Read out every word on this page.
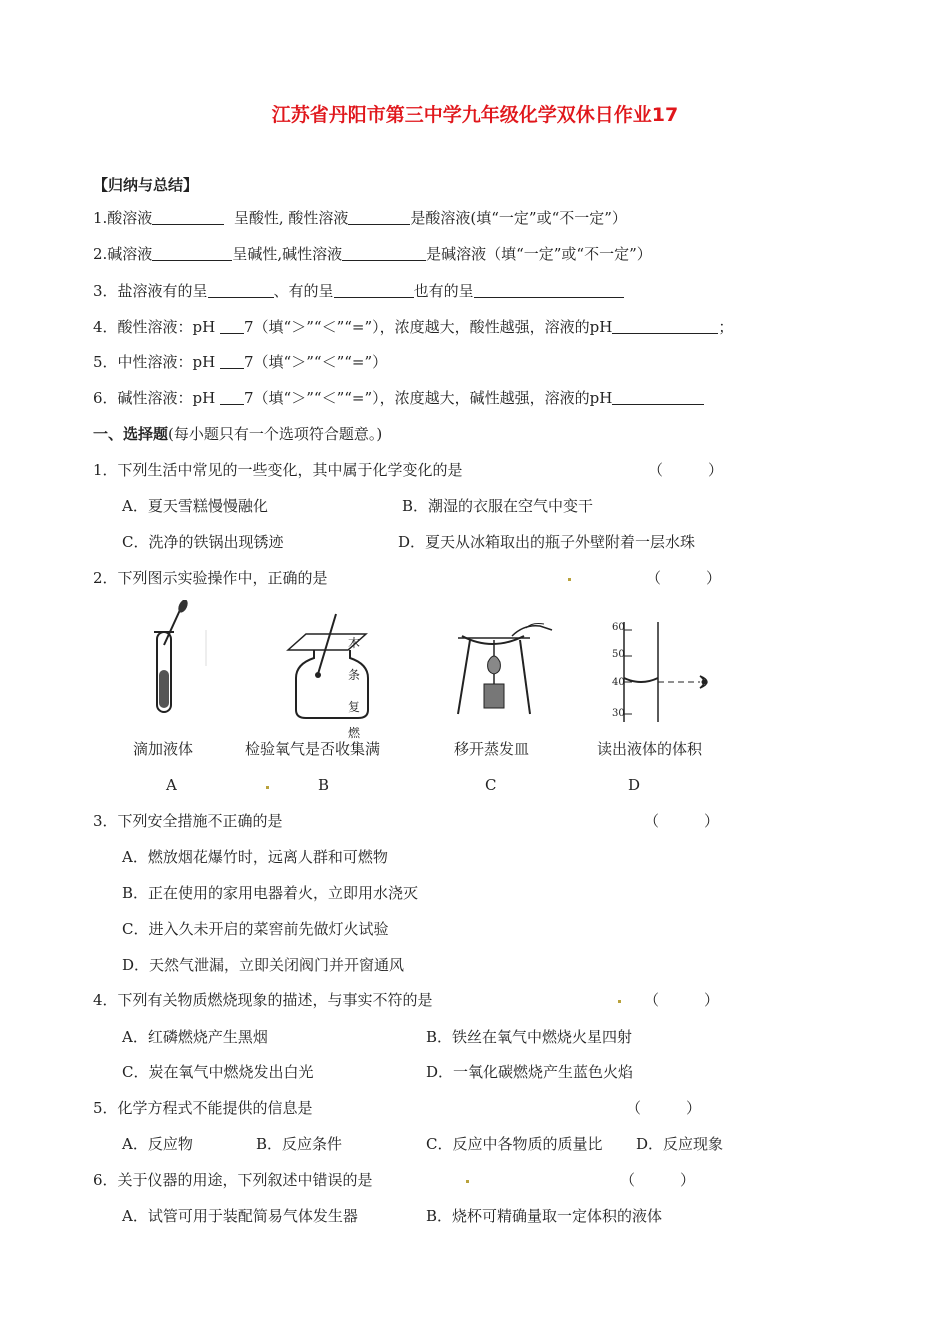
江苏省丹阳市第三中学九年级化学双休日作业17
【归纳与总结】
1.酸溶液	呈酸性, 酸性溶液	是酸溶液(填“一定”或“不一定”）
2.碱溶液	呈碱性,碱性溶液	是碱溶液（填“一定”或“不一定”）
3．盐溶液有的呈	、有的呈	也有的呈
4．酸性溶液：pH 7（填“＞”“＜”“=”），浓度越大，酸性越强，溶液的pH	；
5．中性溶液：pH 7（填“＞”“＜”“=”）
6．碱性溶液：pH 7（填“＞”“＜”“=”），浓度越大，碱性越强，溶液的pH
一、选择题(每小题只有一个选项符合题意。)
1．下列生活中常见的一些变化，其中属于化学变化的是	（　　　）
A．夏天雪糕慢慢融化	B．潮湿的衣服在空气中变干
C．洗净的铁锅出现锈迹	D．夏天从冰箱取出的瓶子外壁附着一层水珠
2．下列图示实验操作中，正确的是	（　　　）
木
条
复
燃
60
50
40
30
滴加液体	检验氧气是否收集满	移开蒸发皿	读出液体的体积
A	B	C	D
3．下列安全措施不正确的是	（　　　）
A．燃放烟花爆竹时，远离人群和可燃物
B．正在使用的家用电器着火，立即用水浇灭
C．进入久未开启的菜窖前先做灯火试验
D．天然气泄漏，立即关闭阀门并开窗通风
4．下列有关物质燃烧现象的描述，与事实不符的是	（　　　）
A．红磷燃烧产生黑烟	B．铁丝在氧气中燃烧火星四射
C．炭在氧气中燃烧发出白光	D．一氧化碳燃烧产生蓝色火焰
5．化学方程式不能提供的信息是	（　　　）
A．反应物	B．反应条件	C．反应中各物质的质量比 D．反应现象
6．关于仪器的用途，下列叙述中错误的是	（　　　）
A．试管可用于装配简易气体发生器	B．烧杯可精确量取一定体积的液体
